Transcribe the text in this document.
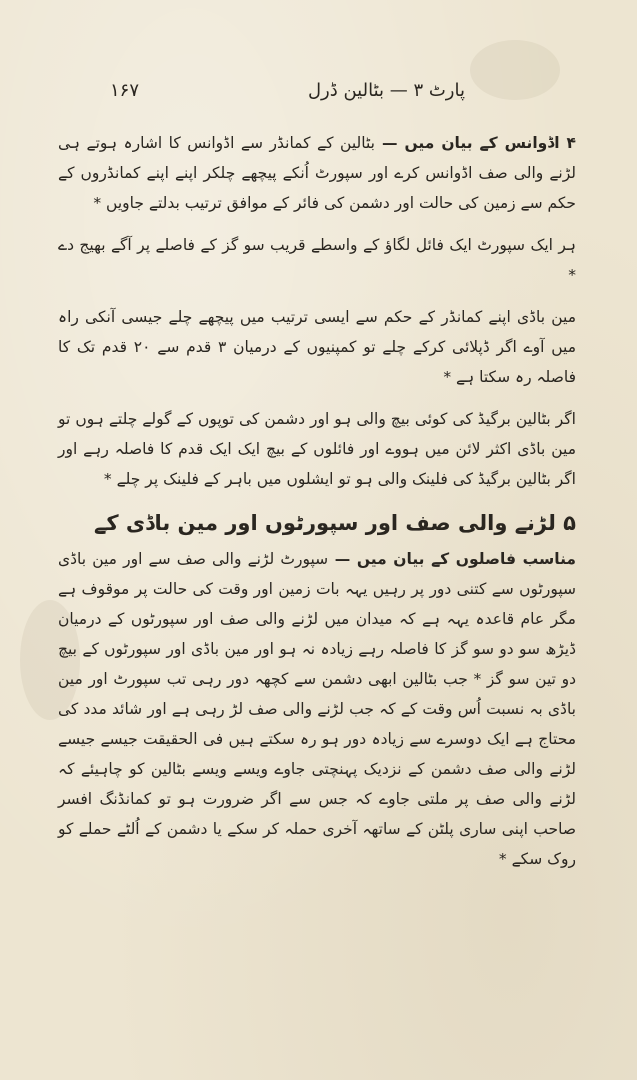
پارٹ ۳ — بٹالین ڈرل
۱۶۷

۴ اڈوانس کے بیان میں — بٹالین کے کمانڈر سے اڈوانس کا اشارہ ہوتے ہی لڑنے والی صف اڈوانس کرے اور سپورٹ اُنکے پیچھے چلکر اپنے اپنے کمانڈروں کے حکم سے زمین کی حالت اور دشمن کی فائر کے موافق ترتیب بدلتے جاویں *

ہر ایک سپورٹ ایک فائل لگاؤ کے واسطے قریب سو گز کے فاصلے پر آگے بھیج دے *

مین باڈی اپنے کمانڈر کے حکم سے ایسی ترتیب میں پیچھے چلے جیسی آنکی راہ میں آوے اگر ڈپلائی کرکے چلے تو کمپنیوں کے درمیان ۳ قدم سے ۲۰ قدم تک کا فاصلہ رہ سکتا ہے *

اگر بٹالین برگیڈ کی کوئی بیچ والی ہو اور دشمن کی توپوں کے گولے چلتے ہوں تو مین باڈی اکثر لائن میں ہووے اور فائلوں کے بیچ ایک ایک قدم کا فاصلہ رہے اور اگر بٹالین برگیڈ کی فلینک والی ہو تو ایشلوں میں باہر کے فلینک پر چلے *

۵ لڑنے والی صف اور سپورٹوں اور مین باڈی کے

مناسب فاصلوں کے بیان میں — سپورٹ لڑنے والی صف سے اور مین باڈی سپورٹوں سے کتنی دور پر رہیں یہہ بات زمین اور وقت کی حالت پر موقوف ہے مگر عام قاعدہ یہہ ہے کہ میدان میں لڑنے والی صف اور سپورٹوں کے درمیان ڈیڑھ سو دو سو گز کا فاصلہ رہے زیادہ نہ ہو اور مین باڈی اور سپورٹوں کے بیچ دو تین سو گز * جب بٹالین ابھی دشمن سے کچھہ دور رہی تب سپورٹ اور مین باڈی بہ نسبت اُس وقت کے کہ جب لڑنے والی صف لڑ رہی ہے اور شائد مدد کی محتاج ہے ایک دوسرے سے زیادہ دور ہو رہ سکتے ہیں فی الحقیقت جیسے جیسے لڑنے والی صف دشمن کے نزدیک پہنچتی جاوے ویسے ویسے بٹالین کو چاہیئے کہ لڑنے والی صف پر ملتی جاوے کہ جس سے اگر ضرورت ہو تو کمانڈنگ افسر صاحب اپنی ساری پلٹن کے ساتھہ آخری حملہ کر سکے یا دشمن کے اُلٹے حملے کو روک سکے *
